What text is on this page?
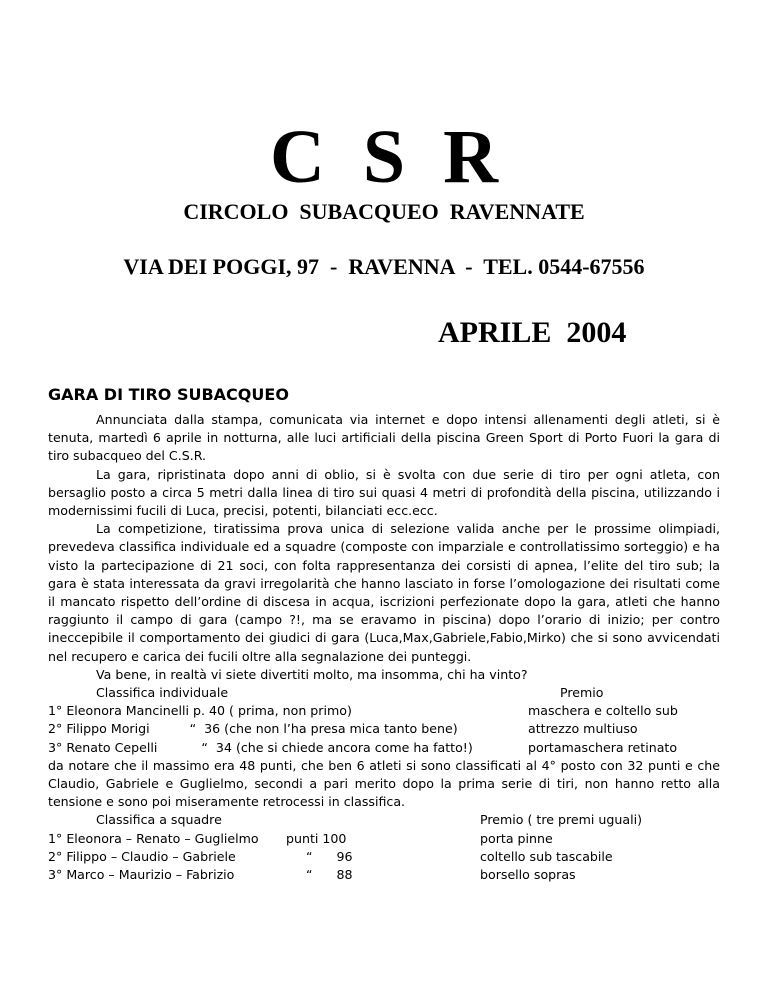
C  S  R
CIRCOLO  SUBACQUEO  RAVENNATE
VIA DEI POGGI, 97  -  RAVENNA  -  TEL. 0544-67556
APRILE  2004
GARA DI TIRO SUBACQUEO

Annunciata dalla stampa, comunicata via internet e dopo intensi allenamenti degli atleti, si è tenuta, martedì 6 aprile in notturna, alle luci artificiali della piscina Green Sport di Porto Fuori la gara di tiro subacqueo del C.S.R.

La gara, ripristinata dopo anni di oblio, si è svolta con due serie di tiro per ogni atleta, con bersaglio posto a circa 5 metri dalla linea di tiro sui quasi 4 metri di profondità della piscina, utilizzando i modernissimi fucili di Luca, precisi, potenti, bilanciati ecc.ecc.

La competizione, tiratissima prova unica di selezione valida anche per le prossime olimpiadi, prevedeva classifica individuale ed a squadre (composte con imparziale e controllatissimo sorteggio) e ha visto la partecipazione di 21 soci, con folta rappresentanza dei corsisti di apnea, l’elite del tiro sub; la gara è stata interessata da gravi irregolarità che hanno lasciato in forse l’omologazione dei risultati come il mancato rispetto dell’ordine di discesa in acqua, iscrizioni perfezionate dopo la gara, atleti che hanno raggiunto il campo di gara (campo ?!, ma se eravamo in piscina) dopo l’orario di inizio; per contro ineccepibile il comportamento dei giudici di gara (Luca,Max,Gabriele,Fabio,Mirko) che si sono avvicendati nel recupero e carica dei fucili oltre alla segnalazione dei punteggi.

Va bene, in realtà vi siete divertiti molto, ma insomma, chi ha vinto?

Classifica individuale	Premio
1° Eleonora Mancinelli p. 40 ( prima, non primo)	maschera e coltello sub
2° Filippo Morigi          “  36 (che non l’ha presa mica tanto bene)	attrezzo multiuso
3° Renato Cepelli           “  34 (che si chiede ancora come ha fatto!)	portamaschera retinato

da notare che il massimo era 48 punti, che ben 6 atleti si sono classificati al 4° posto con 32 punti e che Claudio, Gabriele e Guglielmo, secondi a pari merito dopo la prima serie di tiri, non hanno retto alla tensione e sono poi miseramente retrocessi in classifica.

Classifica a squadre	Premio ( tre premi uguali)
1° Eleonora – Renato – Guglielmo punti 100	porta pinne
2° Filippo – Claudio – Gabriele	“      96	coltello sub tascabile
3° Marco – Maurizio – Fabrizio	“      88	borsello sopras
